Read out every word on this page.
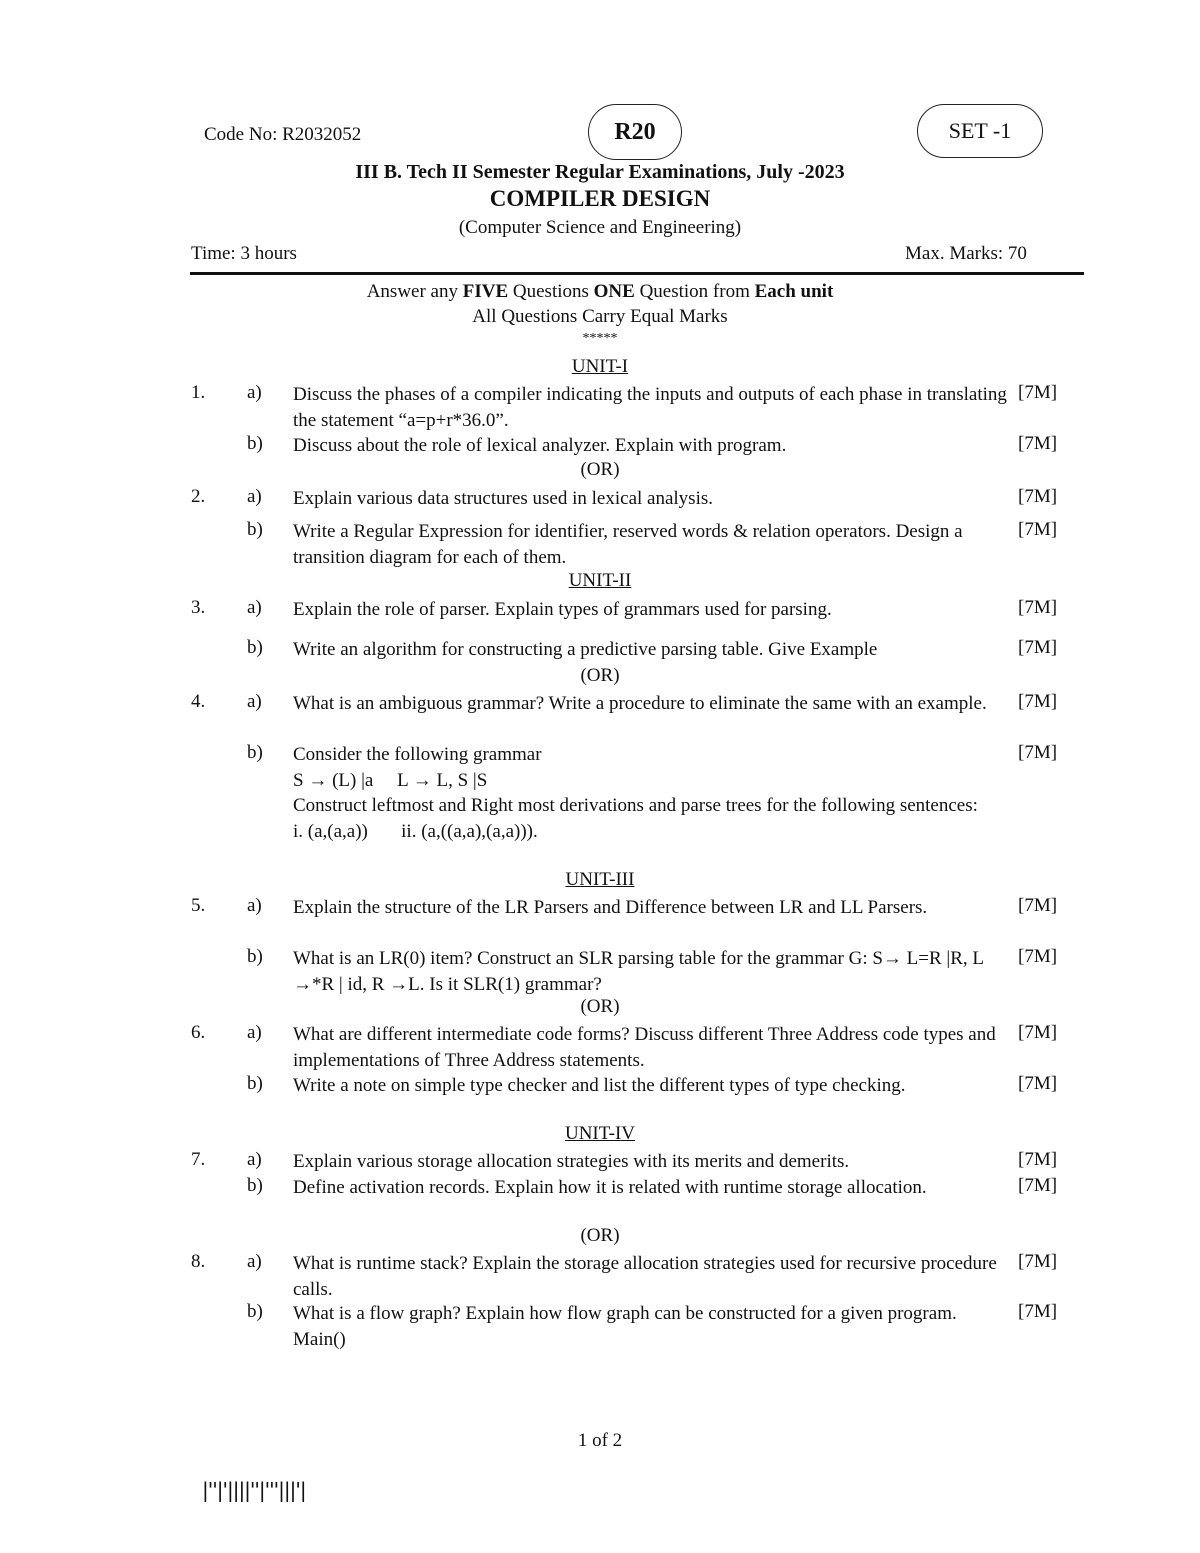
Code No: R2032052	R20	SET -1
III B. Tech II Semester Regular Examinations, July -2023
COMPILER DESIGN
(Computer Science and Engineering)
Time: 3 hours	Max. Marks: 70
Answer any FIVE Questions ONE Question from Each unit
All Questions Carry Equal Marks
*****
UNIT-I
1. a) Discuss the phases of a compiler indicating the inputs and outputs of each phase in translating the statement “a=p+r*36.0”.
[7M]
b) Discuss about the role of lexical analyzer. Explain with program.	[7M]
(OR)
2. a) Explain various data structures used in lexical analysis.	[7M]
b) Write a Regular Expression for identifier, reserved words & relation operators. Design a transition diagram for each of them.
[7M]
UNIT-II
3. a) Explain the role of parser. Explain types of grammars used for parsing.	[7M]
b) Write an algorithm for constructing a predictive parsing table. Give Example	[7M]
(OR)
4. a) What is an ambiguous grammar? Write a procedure to eliminate the same with an example.	[7M]
b) Consider the following grammar
S → (L) |a     L → L, S |S
Construct leftmost and Right most derivations and parse trees for the following sentences:
i. (a,(a,a))       ii. (a,((a,a),(a,a))).
[7M]
UNIT-III
5. a) Explain the structure of the LR Parsers and Difference between LR and LL Parsers.	[7M]
b) What is an LR(0) item? Construct an SLR parsing table for the grammar G: S→ L=R |R, L →*R | id, R →L. Is it SLR(1) grammar?
[7M]
(OR)
6. a) What are different intermediate code forms? Discuss different Three Address code types and implementations of Three Address statements.
[7M]
b) Write a note on simple type checker and list the different types of type checking.	[7M]
UNIT-IV
7. a) Explain various storage allocation strategies with its merits and demerits.	[7M]
b) Define activation records. Explain how it is related with runtime storage allocation.	[7M]
(OR)
8. a) What is runtime stack? Explain the storage allocation strategies used for recursive procedure calls.
[7M]
b) What is a flow graph? Explain how flow graph can be constructed for a given program.
Main()
[7M]
1 of 2
|''|'||||''|'''|||'|
